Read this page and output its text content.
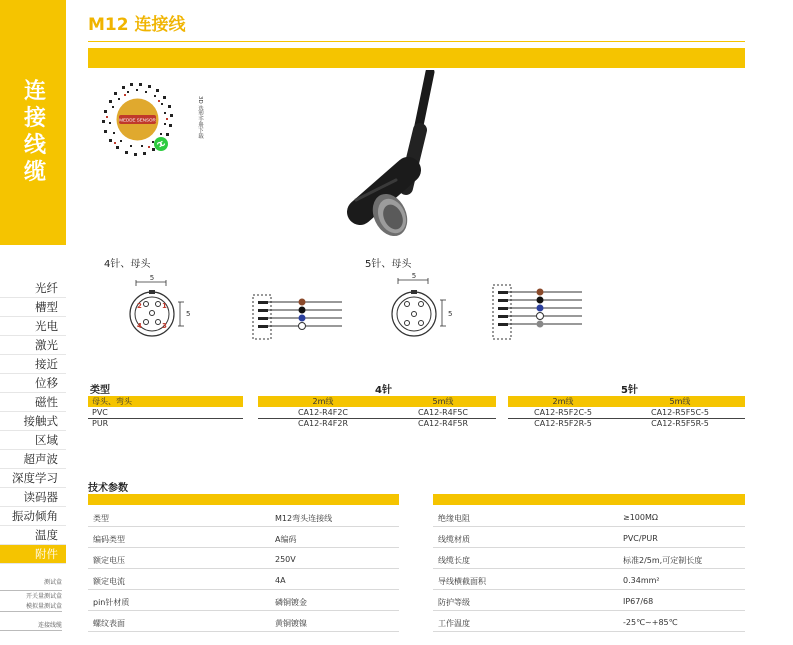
连接线缆
光纤
槽型
光电
激光
接近
位移
磁性
接触式
区域
超声波
深度学习
读码器
振动倾角
温度
附件
测试盒
开关量测试盒
模拟量测试盒
连接线缆
M12 连接线
MEDDE SENSOR	3D 选型手册下载
4针、母头	5针、母头
5
5
2	1
4	3
5
5
类型	4针	5针
母头、弯头	2m线	5m线	2m线	5m线
PVC	CA12-R4F2C	CA12-R4F5C	CA12-R5F2C-5	CA12-R5F5C-5
PUR	CA12-R4F2R	CA12-R4F5R	CA12-R5F2R-5	CA12-R5F5R-5
技术参数
类型	M12弯头连接线
编码类型	A编码
额定电压	250V
额定电流	4A
pin针材质	磷铜镀金
螺纹表面	黄铜镀镍
绝缘电阻	≥100MΩ
线缆材质	PVC/PUR
线缆长度	标准2/5m,可定制长度
导线横截面积	0.34mm²
防护等级	IP67/68
工作温度	-25℃~+85℃
